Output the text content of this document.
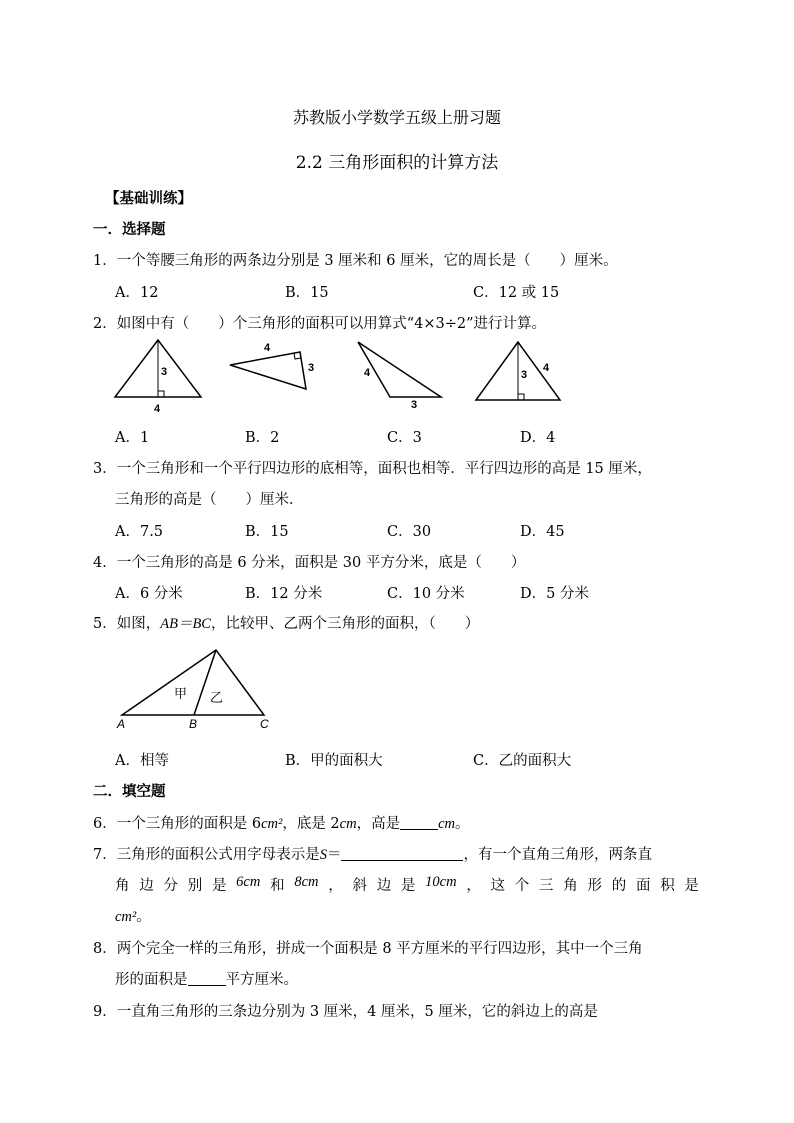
苏教版小学数学五级上册习题
2.2 三角形面积的计算方法
【基础训练】
一．选择题
1．一个等腰三角形的两条边分别是 3 厘米和 6 厘米，它的周长是（　　）厘米。
A．12	B．15	C．12 或 15
2．如图中有（　　）个三角形的面积可以用算式“4×3÷2”进行计算。
3
4
4
3	4
3
3
4
A．1	B．2	C．3	D．4
3．一个三角形和一个平行四边形的底相等，面积也相等．平行四边形的高是 15 厘米，
三角形的高是（　　）厘米．
A．7.5	B．15	C．30	D．45
4．一个三角形的高是 6 分米，面积是 30 平方分米，底是（　　）
A．6 分米	B．12 分米	C．10 分米	D．5 分米
5．如图，AB＝BC，比较甲、乙两个三角形的面积，（　　）
甲 乙
A	B	C
A．相等	B．甲的面积大	C．乙的面积大
二．填空题
6．一个三角形的面积是 6cm²，底是 2cm，高是	cm。
7．三角形的面积公式用字母表示是S＝	，有一个直角三角形，两条直
角 边 分 别 是 6cm 和 8cm ， 斜 边 是 10cm ， 这 个 三 角 形 的 面 积 是
cm²。
8．两个完全一样的三角形，拼成一个面积是 8 平方厘米的平行四边形，其中一个三角
形的面积是	平方厘米。
9．一直角三角形的三条边分别为 3 厘米，4 厘米，5 厘米，它的斜边上的高是
